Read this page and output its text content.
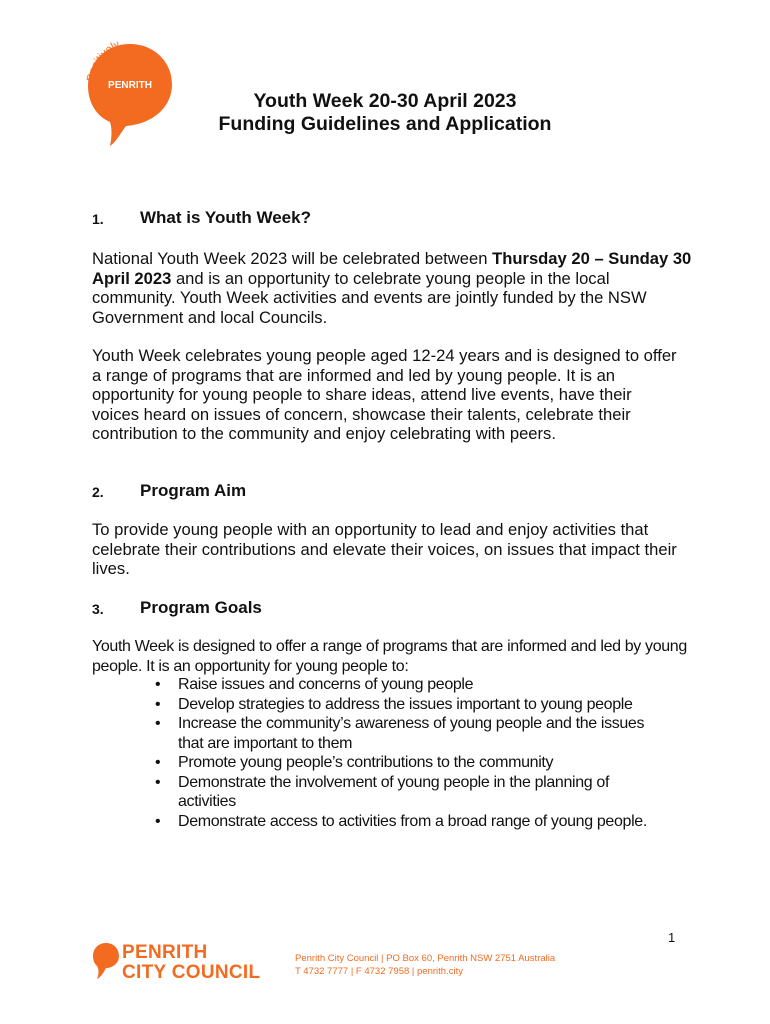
Positively
PENRITH
Youth Week 20-30 April 2023
Funding Guidelines and Application
1. What is Youth Week?
National Youth Week 2023 will be celebrated between Thursday 20 – Sunday 30 April 2023 and is an opportunity to celebrate young people in the local community. Youth Week activities and events are jointly funded by the NSW Government and local Councils.
Youth Week celebrates young people aged 12-24 years and is designed to offer a range of programs that are informed and led by young people. It is an opportunity for young people to share ideas, attend live events, have their voices heard on issues of concern, showcase their talents, celebrate their contribution to the community and enjoy celebrating with peers.
2. Program Aim
To provide young people with an opportunity to lead and enjoy activities that celebrate their contributions and elevate their voices, on issues that impact their lives.
3. Program Goals
Youth Week is designed to offer a range of programs that are informed and led by young people. It is an opportunity for young people to:
• Raise issues and concerns of young people
• Develop strategies to address the issues important to young people
• Increase the community’s awareness of young people and the issues that are important to them
• Promote young people’s contributions to the community
• Demonstrate the involvement of young people in the planning of activities
• Demonstrate access to activities from a broad range of young people.
1
PENRITH
CITY COUNCIL
Penrith City Council | PO Box 60, Penrith NSW 2751 Australia
T 4732 7777 | F 4732 7958 | penrith.city
